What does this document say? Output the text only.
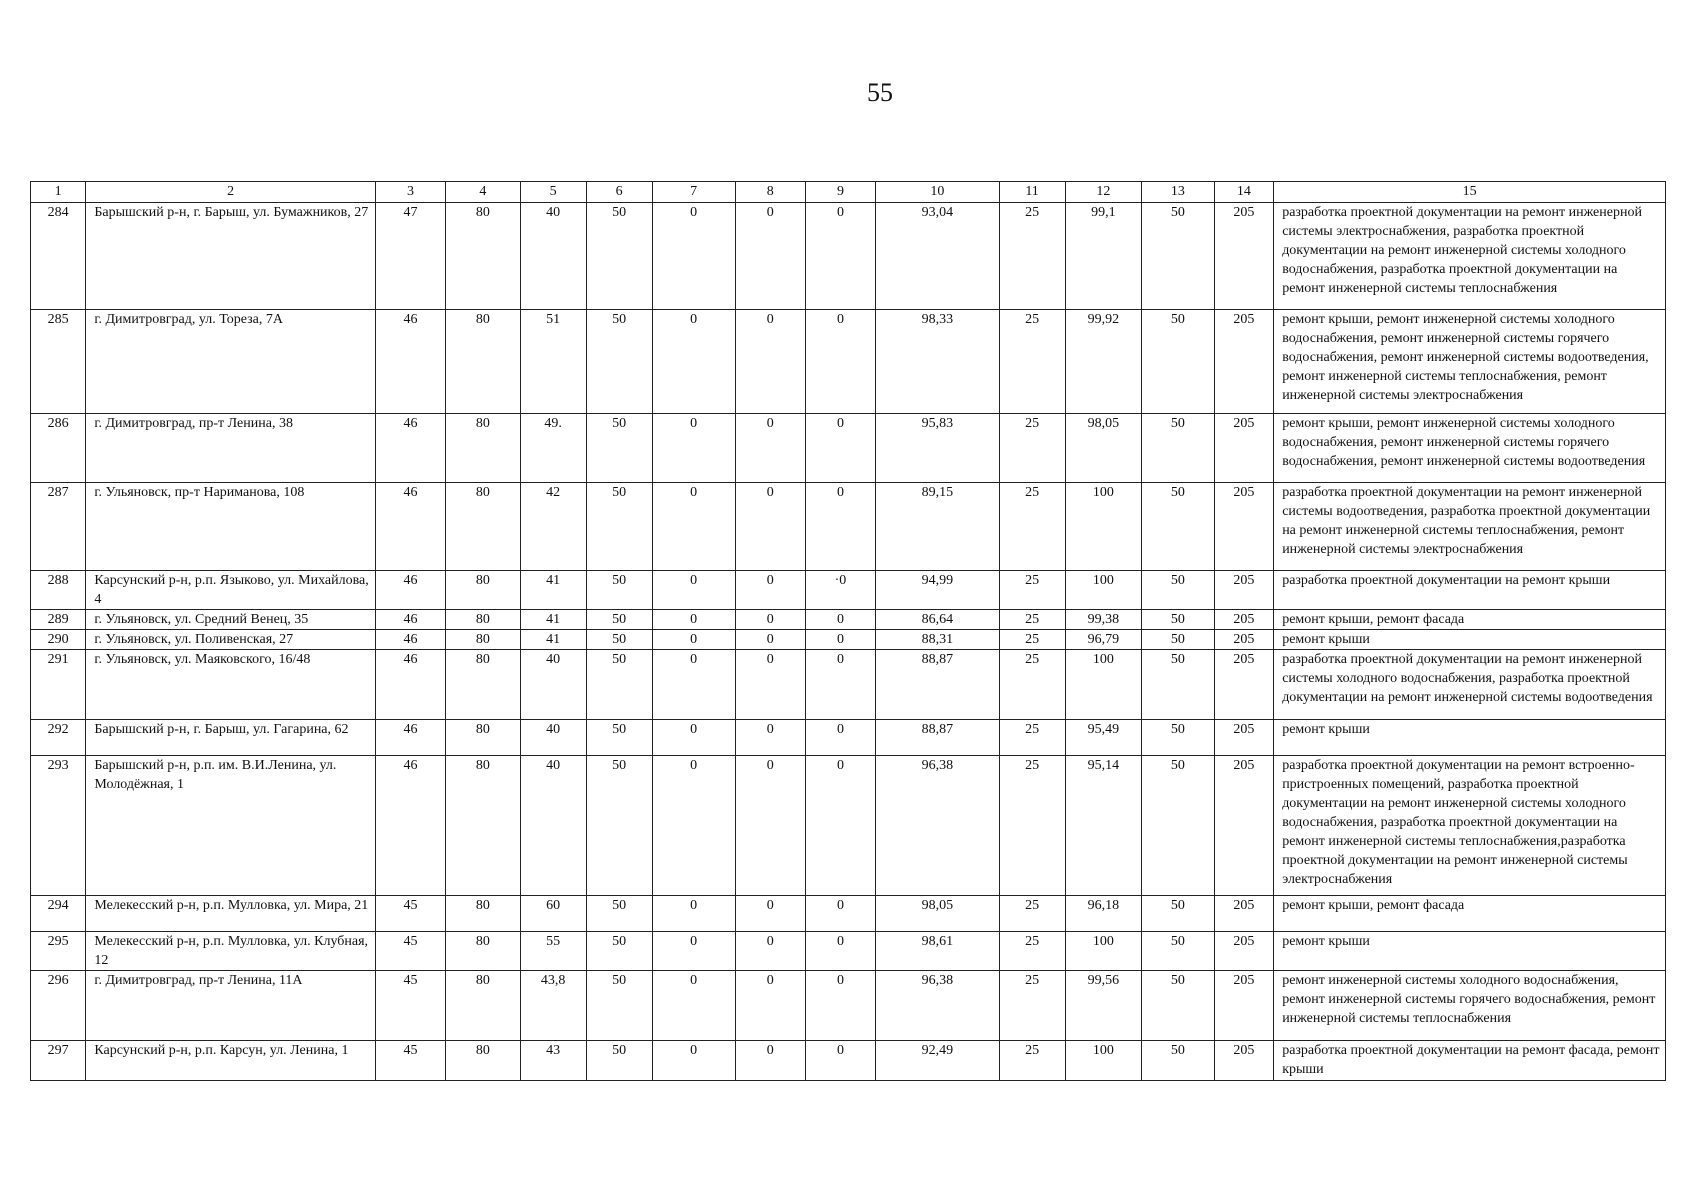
55
1	2	3	4	5	6	7	8	9	10	11	12	13	14	15
284	Барышский р-н, г. Барыш, ул. Бумажников, 27	47	80	40	50	0	0	0	93,04	25	99,1	50	205	разработка проектной документации на ремонт инженерной системы электроснабжения, разработка проектной документации на ремонт инженерной системы холодного водоснабжения, разработка проектной документации на ремонт инженерной системы теплоснабжения
285	г. Димитровград, ул. Тореза, 7А	46	80	51	50	0	0	0	98,33	25	99,92	50	205	ремонт крыши, ремонт инженерной системы холодного водоснабжения, ремонт инженерной системы горячего водоснабжения, ремонт инженерной системы водоотведения, ремонт инженерной системы теплоснабжения, ремонт инженерной системы электроснабжения
286	г. Димитровград, пр-т Ленина, 38	46	80	49.	50	0	0	0	95,83	25	98,05	50	205	ремонт крыши, ремонт инженерной системы холодного водоснабжения, ремонт инженерной системы горячего водоснабжения, ремонт инженерной системы водоотведения
287	г. Ульяновск, пр-т Нариманова, 108	46	80	42	50	0	0	0	89,15	25	100	50	205	разработка проектной документации на ремонт инженерной системы водоотведения, разработка проектной документации на ремонт инженерной системы теплоснабжения, ремонт инженерной системы электроснабжения
288	Карсунский р-н, р.п. Языково, ул. Михайлова, 4	46	80	41	50	0	0	·0	94,99	25	100	50	205	разработка проектной документации на ремонт крыши
289	г. Ульяновск, ул. Средний Венец, 35	46	80	41	50	0	0	0	86,64	25	99,38	50	205	ремонт крыши, ремонт фасада
290	г. Ульяновск, ул. Поливенская, 27	46	80	41	50	0	0	0	88,31	25	96,79	50	205	ремонт крыши
291	г. Ульяновск, ул. Маяковского, 16/48	46	80	40	50	0	0	0	88,87	25	100	50	205	разработка проектной документации на ремонт инженерной системы холодного водоснабжения, разработка проектной документации на ремонт инженерной системы водоотведения
292	Барышский р-н, г. Барыш, ул. Гагарина, 62	46	80	40	50	0	0	0	88,87	25	95,49	50	205	ремонт крыши
293	Барышский р-н, р.п. им. В.И.Ленина, ул. Молодёжная, 1	46	80	40	50	0	0	0	96,38	25	95,14	50	205	разработка проектной документации на ремонт встроенно-пристроенных помещений, разработка проектной документации на ремонт инженерной системы холодного водоснабжения, разработка проектной документации на ремонт инженерной системы теплоснабжения,разработка проектной документации на ремонт инженерной системы электроснабжения
294	Мелекесский р-н, р.п. Мулловка, ул. Мира, 21	45	80	60	50	0	0	0	98,05	25	96,18	50	205	ремонт крыши, ремонт фасада
295	Мелекесский р-н, р.п. Мулловка, ул. Клубная, 12	45	80	55	50	0	0	0	98,61	25	100	50	205	ремонт крыши
296	г. Димитровград, пр-т Ленина, 11А	45	80	43,8	50	0	0	0	96,38	25	99,56	50	205	ремонт инженерной системы холодного водоснабжения, ремонт инженерной системы горячего водоснабжения, ремонт инженерной системы теплоснабжения
297	Карсунский р-н, р.п. Карсун, ул. Ленина, 1	45	80	43	50	0	0	0	92,49	25	100	50	205	разработка проектной документации на ремонт фасада, ремонт крыши
